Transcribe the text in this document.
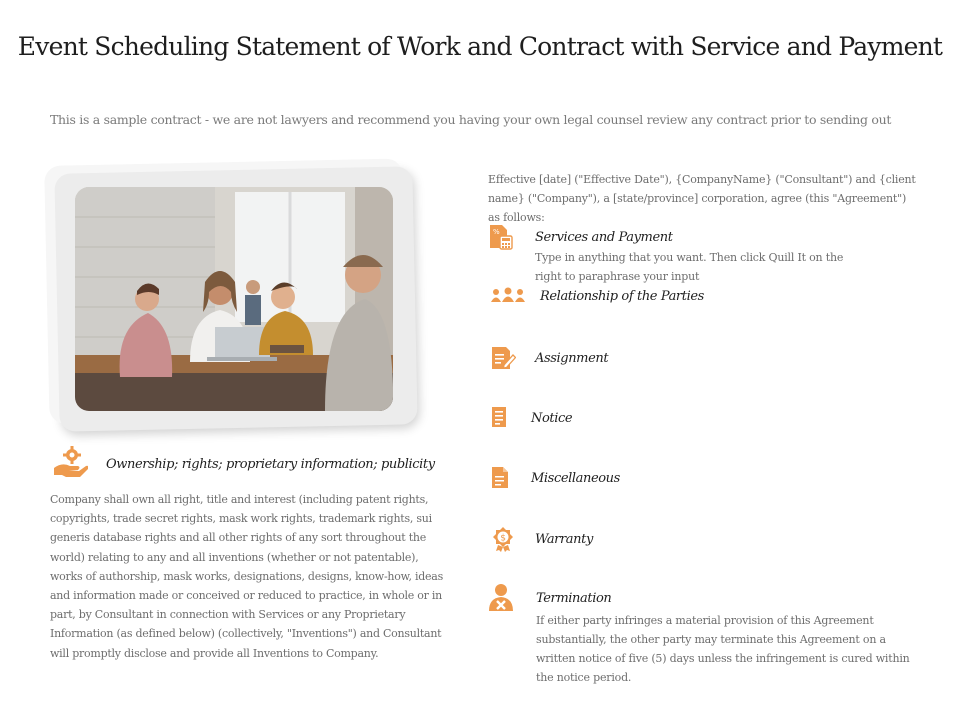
Event Scheduling Statement of Work and Contract with Service and Payment
This is a sample contract - we are not lawyers and recommend you having your own legal counsel review any contract prior to sending out
Effective [date] ("Effective Date"), {CompanyName} ("Consultant") and {client name} ("Company"), a [state/province] corporation, agree (this "Agreement") as follows:
%	Services and Payment
Type in anything that you want. Then click Quill It on the right to paraphrase your input
Relationship of the Parties
Assignment
Notice
Miscellaneous
$ Warranty
Termination
If either party infringes a material provision of this Agreement substantially, the other party may terminate this Agreement on a written notice of five (5) days unless the infringement is cured within the notice period.
Ownership; rights; proprietary information; publicity
Company shall own all right, title and interest (including patent rights, copyrights, trade secret rights, mask work rights, trademark rights, sui generis database rights and all other rights of any sort throughout the world) relating to any and all inventions (whether or not patentable), works of authorship, mask works, designations, designs, know-how, ideas and information made or conceived or reduced to practice, in whole or in part, by Consultant in connection with Services or any Proprietary Information (as defined below) (collectively, "Inventions") and Consultant will promptly disclose and provide all Inventions to Company.
